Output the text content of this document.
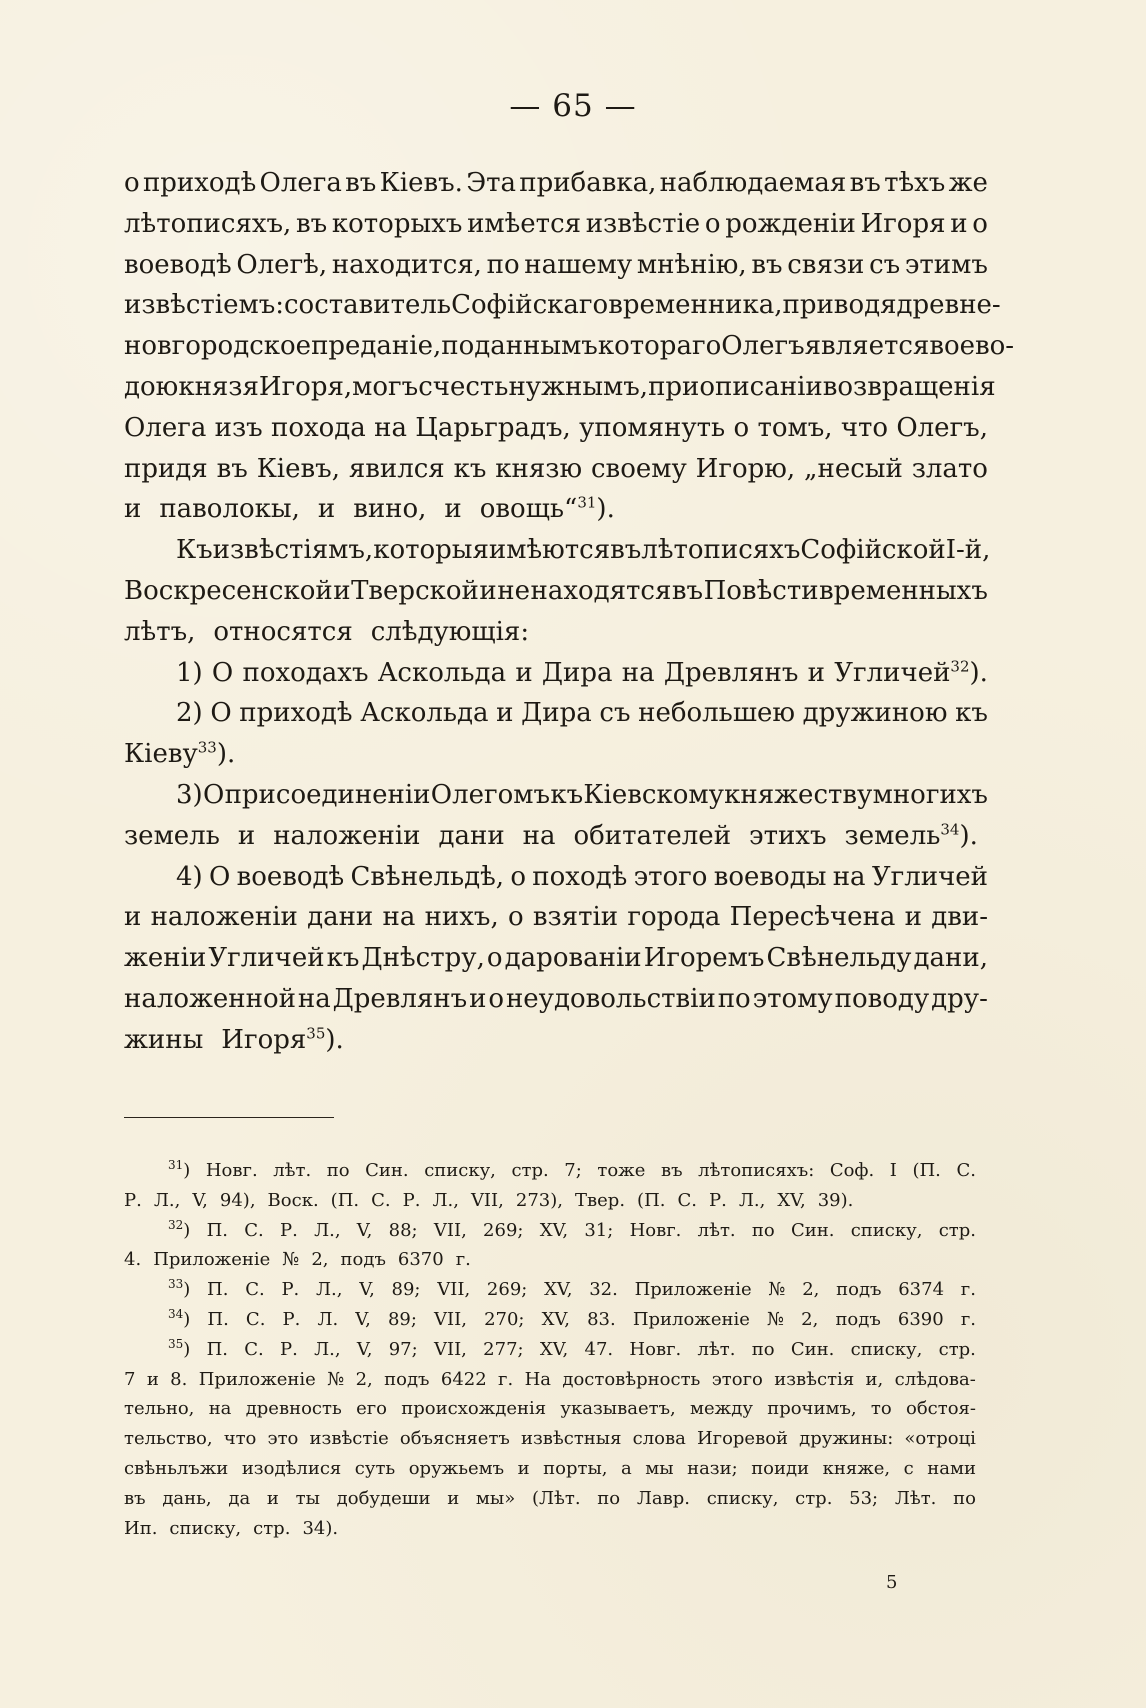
— 65 —
о приходѣ Олега въ Кіевъ. Эта прибавка, наблюдаемая въ тѣхъ же
лѣтописяхъ, въ которыхъ имѣется извѣстіе о рожденіи Игоря и о
воеводѣ Олегѣ, находится, по нашему мнѣнію, въ связи съ этимъ
извѣстіемъ: составитель Софійскаго временника, приводя древне-
новгородское преданіе, по даннымъ котораго Олегъ является воево-
дою князя Игоря, могъ счесть нужнымъ, при описаніи возвращенія
Олега изъ похода на Царьградъ, упомянуть о томъ, что Олегъ,
придя въ Кіевъ, явился къ князю своему Игорю, „несый злато
и паволокы, и вино, и овощь“$^{31}$).
Къ извѣстіямъ, которыя имѣются въ лѣтописяхъ Софійской I-й,
Воскресенской и Тверской и не находятся въ Повѣсти временныхъ
лѣтъ, относятся слѣдующія:
1) О походахъ Аскольда и Дира на Древлянъ и Угличей$^{32}$).
2) О приходѣ Аскольда и Дира съ небольшею дружиною къ
Кіеву$^{33}$).
3) О присоединеніи Олегомъ къ Кіевскому княжеству многихъ
земель и наложеніи дани на обитателей этихъ земель$^{34}$).
4) О воеводѣ Свѣнельдѣ, о походѣ этого воеводы на Угличей
и наложеніи дани на нихъ, о взятіи города Пересѣчена и дви-
женіи Угличей къ Днѣстру, о дарованіи Игоремъ Свѣнельду дани,
наложенной на Древлянъ и о неудовольствіи по этому поводу дру-
жины Игоря$^{35}$).
$^{31}$) Новг. лѣт. по Син. списку, стр. 7; тоже въ лѣтописяхъ: Соф. I (П. С.
Р. Л., V, 94), Воск. (П. С. Р. Л., VII, 273), Твер. (П. С. Р. Л., XV, 39).
$^{32}$) П. С. Р. Л., V, 88; VII, 269; XV, 31; Новг. лѣт. по Син. списку, стр.
4. Приложеніе № 2, подъ 6370 г.
$^{33}$) П. С. Р. Л., V, 89; VII, 269; XV, 32. Приложеніе № 2, подъ 6374 г.
$^{34}$) П. С. Р. Л. V, 89; VII, 270; XV, 83. Приложеніе № 2, подъ 6390 г.
$^{35}$) П. С. Р. Л., V, 97; VII, 277; XV, 47. Новг. лѣт. по Син. списку, стр.
7 и 8. Приложеніе № 2, подъ 6422 г. На достовѣрность этого извѣстія и, слѣдова-
тельно, на древность его происхожденія указываетъ, между прочимъ, то обстоя-
тельство, что это извѣстіе объясняетъ извѣстныя слова Игоревой дружины: «отроці
свѣньлъжи изодѣлися суть оружьемъ и порты, а мы нази; поиди княже, с нами
въ дань, да и ты добудеши и мы» (Лѣт. по Лавр. списку, стр. 53; Лѣт. по
Ип. списку, стр. 34).
5
